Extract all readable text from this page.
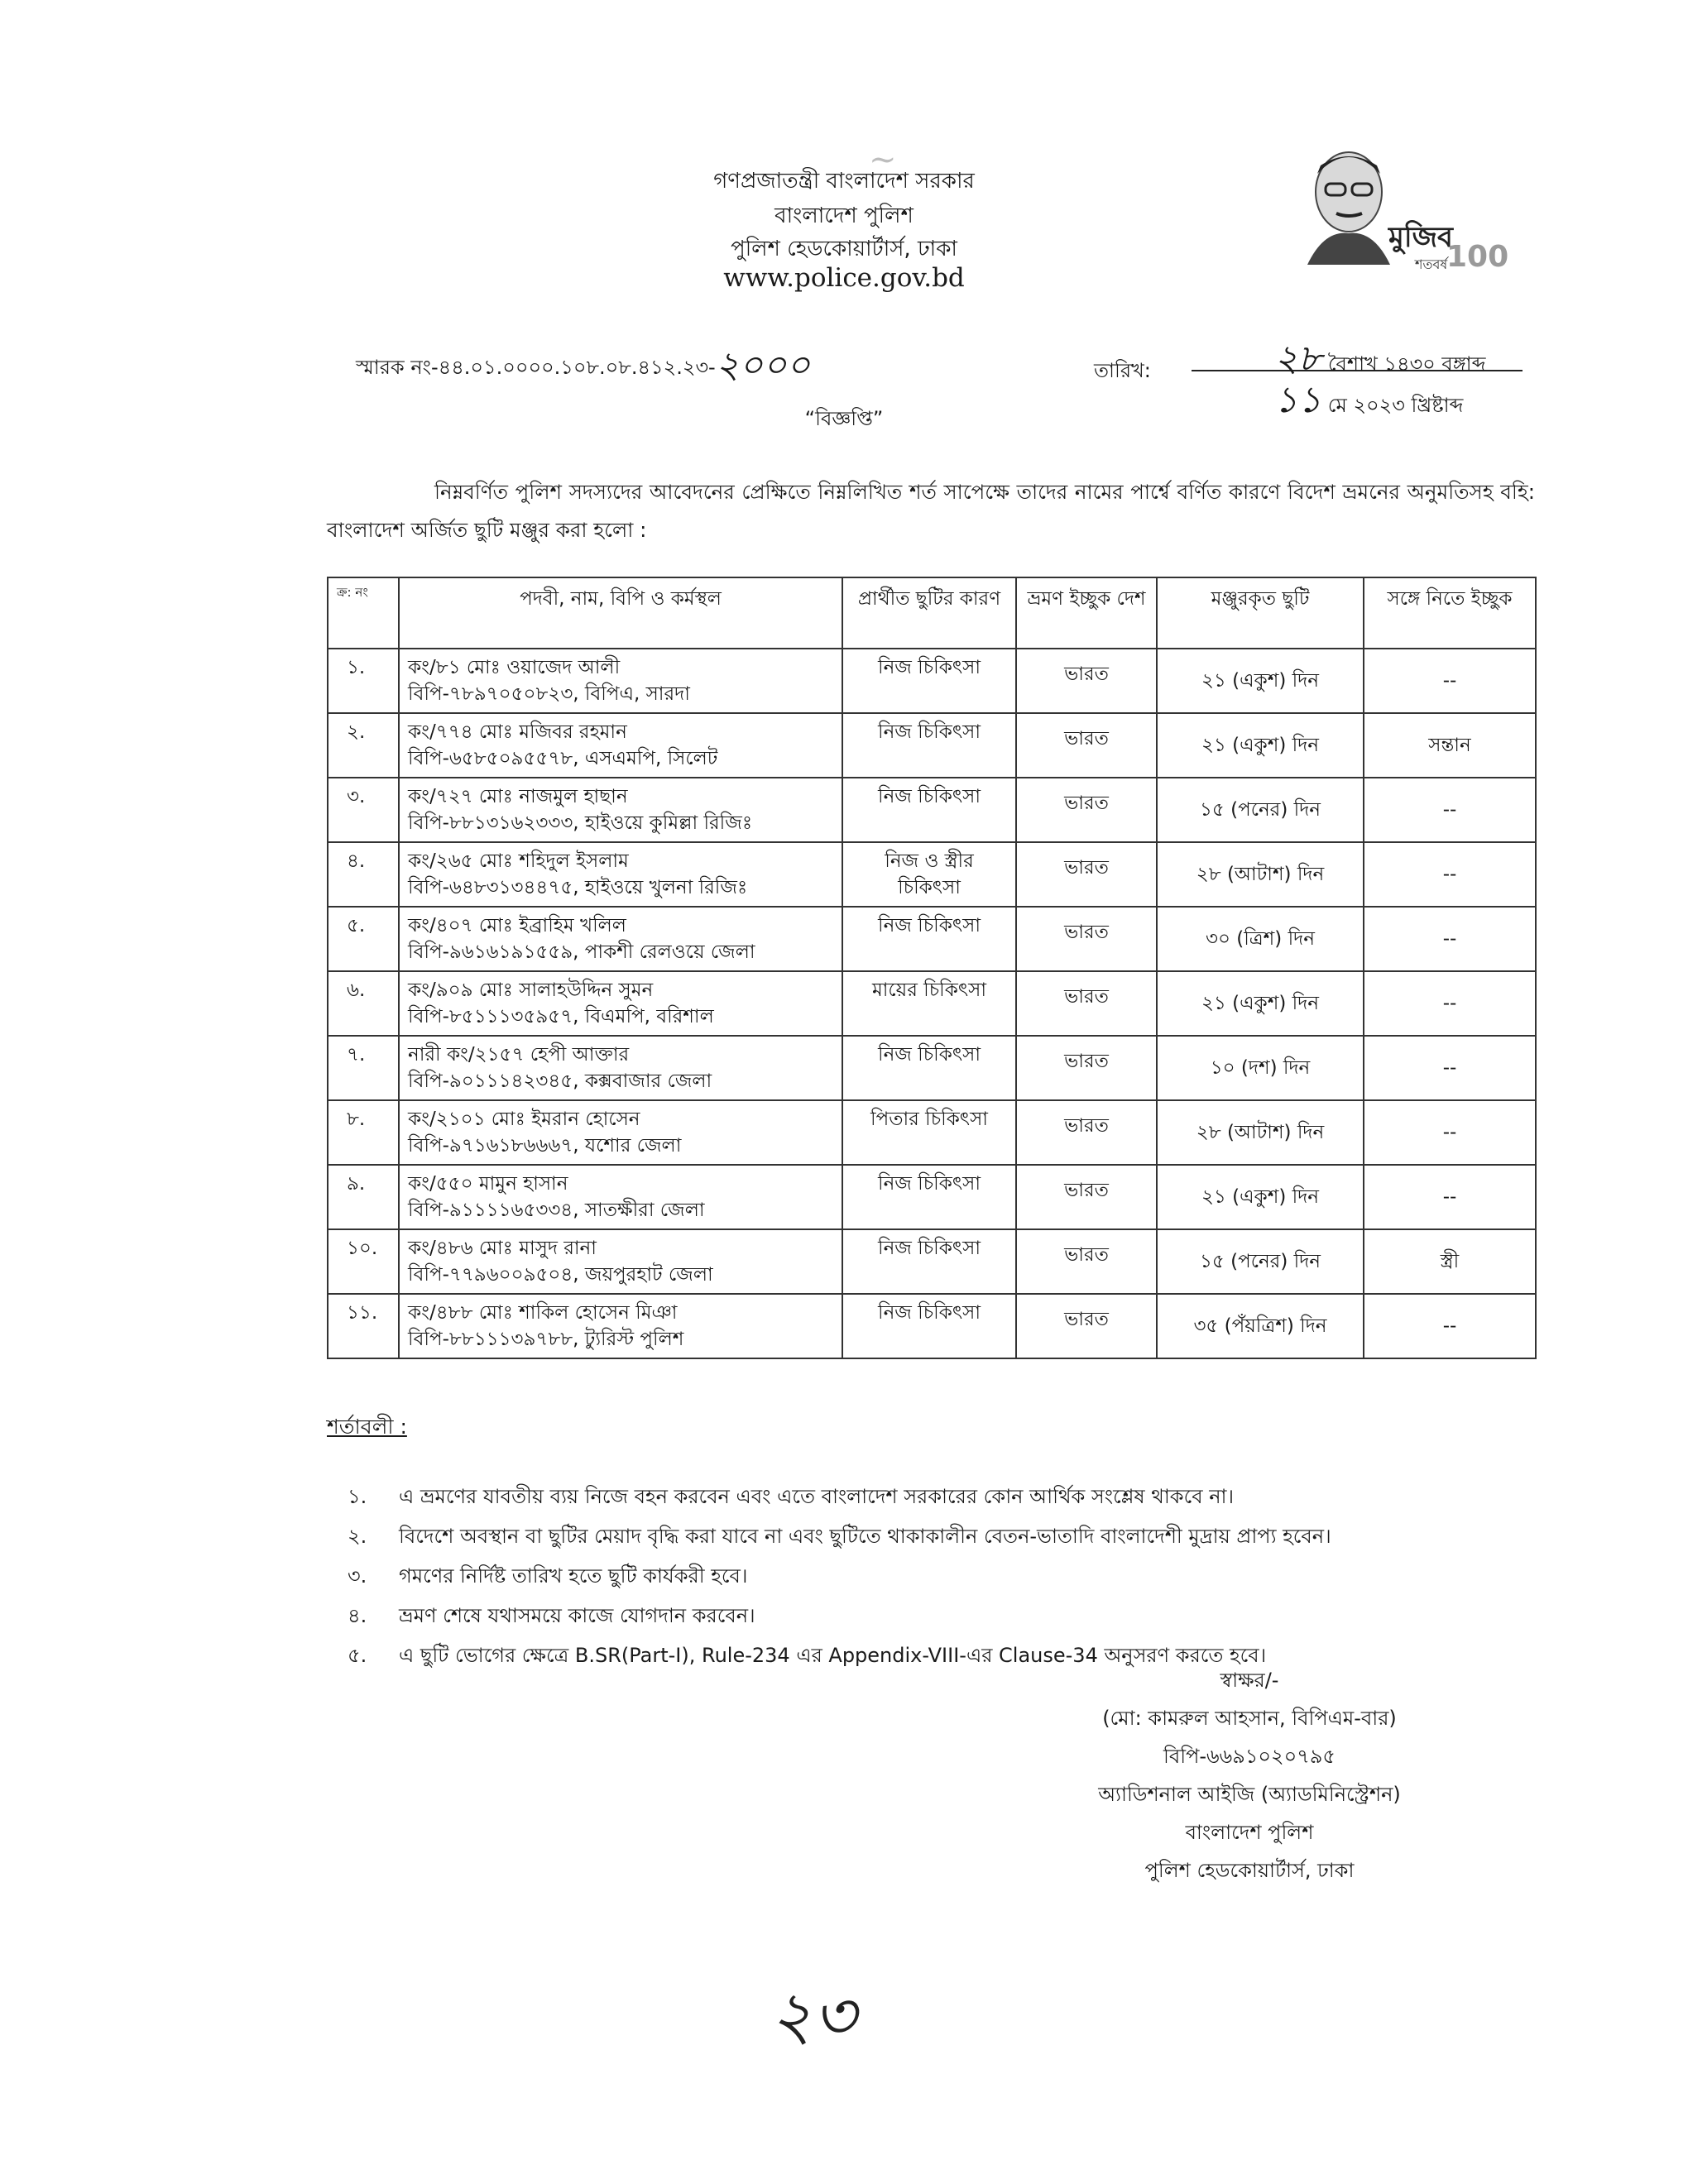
~
গণপ্রজাতন্ত্রী বাংলাদেশ সরকার
বাংলাদেশ পুলিশ
পুলিশ হেডকোয়ার্টার্স, ঢাকা
www.police.gov.bd
মুজিব
শতবর্ষ
100
স্মারক নং-৪৪.০১.০০০০.১০৮.০৮.৪১২.২৩-২০০০	তারিখ:	২৮ বৈশাখ ১৪৩০ বঙ্গাব্দ
১১ মে ২০২৩ খ্রিষ্টাব্দ
“বিজ্ঞপ্তি”
নিম্নবর্ণিত পুলিশ সদস্যদের আবেদনের প্রেক্ষিতে নিম্নলিখিত শর্ত সাপেক্ষে তাদের নামের পার্শ্বে বর্ণিত কারণে বিদেশ ভ্রমনের অনুমতিসহ বহি: বাংলাদেশ অর্জিত ছুটি মঞ্জুর করা হলো :
ক্র: নং	পদবী, নাম, বিপি ও কর্মস্থল	প্রার্থীত ছুটির কারণ	ভ্রমণ ইচ্ছুক দেশ	মঞ্জুরকৃত ছুটি	সঙ্গে নিতে ইচ্ছুক
১.	কং/৮১ মোঃ ওয়াজেদ আলী
বিপি-৭৮৯৭০৫০৮২৩, বিপিএ, সারদা	নিজ চিকিৎসা	ভারত	২১ (একুশ) দিন	--
২.	কং/৭৭৪ মোঃ মজিবর রহমান
বিপি-৬৫৮৫০৯৫৫৭৮, এসএমপি, সিলেট	নিজ চিকিৎসা	ভারত	২১ (একুশ) দিন	সন্তান
৩.	কং/৭২৭ মোঃ নাজমুল হাছান
বিপি-৮৮১৩১৬২৩৩৩, হাইওয়ে কুমিল্লা রিজিঃ	নিজ চিকিৎসা	ভারত	১৫ (পনের) দিন	--
৪.	কং/২৬৫ মোঃ শহিদুল ইসলাম
বিপি-৬৪৮৩১৩৪৪৭৫, হাইওয়ে খুলনা রিজিঃ	নিজ ও স্ত্রীর চিকিৎসা	ভারত	২৮ (আটাশ) দিন	--
৫.	কং/৪০৭ মোঃ ইব্রাহিম খলিল
বিপি-৯৬১৬১৯১৫৫৯, পাকশী রেলওয়ে জেলা	নিজ চিকিৎসা	ভারত	৩০ (ত্রিশ) দিন	--
৬.	কং/৯০৯ মোঃ সালাহউদ্দিন সুমন
বিপি-৮৫১১১৩৫৯৫৭, বিএমপি, বরিশাল	মায়ের চিকিৎসা	ভারত	২১ (একুশ) দিন	--
৭.	নারী কং/২১৫৭ হেপী আক্তার
বিপি-৯০১১১৪২৩৪৫, কক্সবাজার জেলা	নিজ চিকিৎসা	ভারত	১০ (দশ) দিন	--
৮.	কং/২১০১ মোঃ ইমরান হোসেন
বিপি-৯৭১৬১৮৬৬৬৭, যশোর জেলা	পিতার চিকিৎসা	ভারত	২৮ (আটাশ) দিন	--
৯.	কং/৫৫০ মামুন হাসান
বিপি-৯১১১১৬৫৩৩৪, সাতক্ষীরা জেলা	নিজ চিকিৎসা	ভারত	২১ (একুশ) দিন	--
১০.	কং/৪৮৬ মোঃ মাসুদ রানা
বিপি-৭৭৯৬০০৯৫০৪, জয়পুরহাট জেলা	নিজ চিকিৎসা	ভারত	১৫ (পনের) দিন	স্ত্রী
১১.	কং/৪৮৮ মোঃ শাকিল হোসেন মিঞা
বিপি-৮৮১১১৩৯৭৮৮, ট্যুরিস্ট পুলিশ	নিজ চিকিৎসা	ভারত	৩৫ (পঁয়ত্রিশ) দিন	--
শর্তাবলী :
১. এ ভ্রমণের যাবতীয় ব্যয় নিজে বহন করবেন এবং এতে বাংলাদেশ সরকারের কোন আর্থিক সংশ্লেষ থাকবে না।
২. বিদেশে অবস্থান বা ছুটির মেয়াদ বৃদ্ধি করা যাবে না এবং ছুটিতে থাকাকালীন বেতন-ভাতাদি বাংলাদেশী মুদ্রায় প্রাপ্য হবেন।
৩. গমণের নির্দিষ্ট তারিখ হতে ছুটি কার্যকরী হবে।
৪. ভ্রমণ শেষে যথাসময়ে কাজে যোগদান করবেন।
৫. এ ছুটি ভোগের ক্ষেত্রে B.SR(Part-I), Rule-234 এর Appendix-VIII-এর Clause-34 অনুসরণ করতে হবে।
স্বাক্ষর/-
(মো: কামরুল আহসান, বিপিএম-বার)
বিপি-৬৬৯১০২০৭৯৫
অ্যাডিশনাল আইজি (অ্যাডমিনিস্ট্রেশন)
বাংলাদেশ পুলিশ
পুলিশ হেডকোয়ার্টার্স, ঢাকা
২৩
